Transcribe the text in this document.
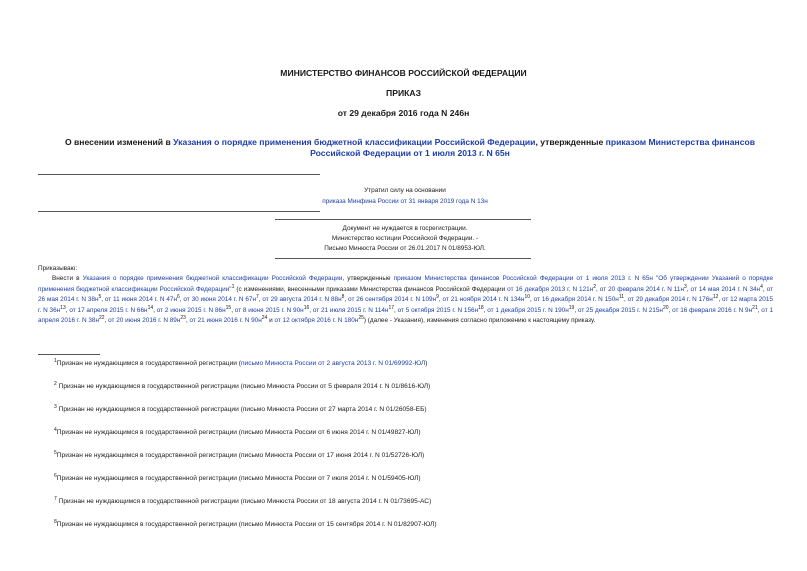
МИНИСТЕРСТВО ФИНАНСОВ РОССИЙСКОЙ ФЕДЕРАЦИИ
ПРИКАЗ
от 29 декабря 2016 года N 246н
О внесении изменений в Указания о порядке применения бюджетной классификации Российской Федерации, утвержденные приказом Министерства финансов Российской Федерации от 1 июля 2013 г. N 65н
Утратил силу на основании
приказа Минфина России от 31 января 2019 года N 13н
Документ не нуждается в госрегистрации.
Министерство юстиции Российской Федерации. -
Письмо Минюста России от 26.01.2017 N 01/8953-ЮЛ.
Приказываю:
Внести в Указания о порядке применения бюджетной классификации Российской Федерации, утвержденные приказом Министерства финансов Российской Федерации от 1 июля 2013 г. N 65н "Об утверждении Указаний о порядке применения бюджетной классификации Российской Федерации"$^1$ (с изменениями, внесенными приказами Министерства финансов Российской Федерации от 16 декабря 2013 г. N $121н^2$, от 20 февраля 2014 г. N $11н^3$, от 14 мая 2014 г. N $34н^4$, от 26 мая 2014 г. N $38н^5$, от 11 июня 2014 г. N $47н^6$, от 30 июня 2014 г. N $67н^7$, от 29 августа 2014 г. N $88н^8$, от 26 сентября 2014 г. N $109н^9$, от 21 ноября 2014 г. N $134н^{10}$, от 16 декабря 2014 г. N $150н^{11}$, от 29 декабря 2014 г. N $176н^{12}$, от 12 марта 2015 г. N $36н^{13}$, от 17 апреля 2015 г. N $66н^{14}$, от 2 июня 2015 г. N $86н^{15}$, от 8 июня 2015 г. N $90н^{16}$, от 21 июля 2015 г. N $114н^{17}$, от 5 октября 2015 г. N $156н^{18}$, от 1 декабря 2015 г. N $190н^{19}$, от 25 декабря 2015 г. N $215н^{20}$, от 16 февраля 2016 г. N $9н^{21}$, от 1 апреля 2016 г. N $38н^{22}$, от 20 июня 2016 г. N $89н^{23}$, от 21 июня 2016 г. N $90н^{24}$ и от 12 октября 2016 г. N $180н^{25}$) (далее - Указания), изменения согласно приложению к настоящему приказу.
$^1$Признан не нуждающимся в государственной регистрации (письмо Минюста России от 2 августа 2013 г. N 01/69992-ЮЛ)
$^2$ Признан не нуждающимся в государственной регистрации (письмо Минюста России от 5 февраля 2014 г. N 01/8616-ЮЛ)
$^3$ Признан не нуждающимся в государственной регистрации (письмо Минюста России от 27 марта 2014 г. N 01/26058-ЕБ)
$^4$Признан не нуждающимся в государственной регистрации (письмо Минюста России от 6 июня 2014 г. N 01/49827-ЮЛ)
$^5$Признан не нуждающимся в государственной регистрации (письмо Минюста России от 17 июня 2014 г. N 01/52726-ЮЛ)
$^6$Признан не нуждающимся в государственной регистрации (письмо Минюста России от 7 июля 2014 г. N 01/59405-ЮЛ)
$^7$ Признан не нуждающимся в государственной регистрации (письмо Минюста России от 18 августа 2014 г. N 01/73695-АС)
$^8$Признан не нуждающимся в государственной регистрации (письмо Минюста России от 15 сентября 2014 г. N 01/82907-ЮЛ)
